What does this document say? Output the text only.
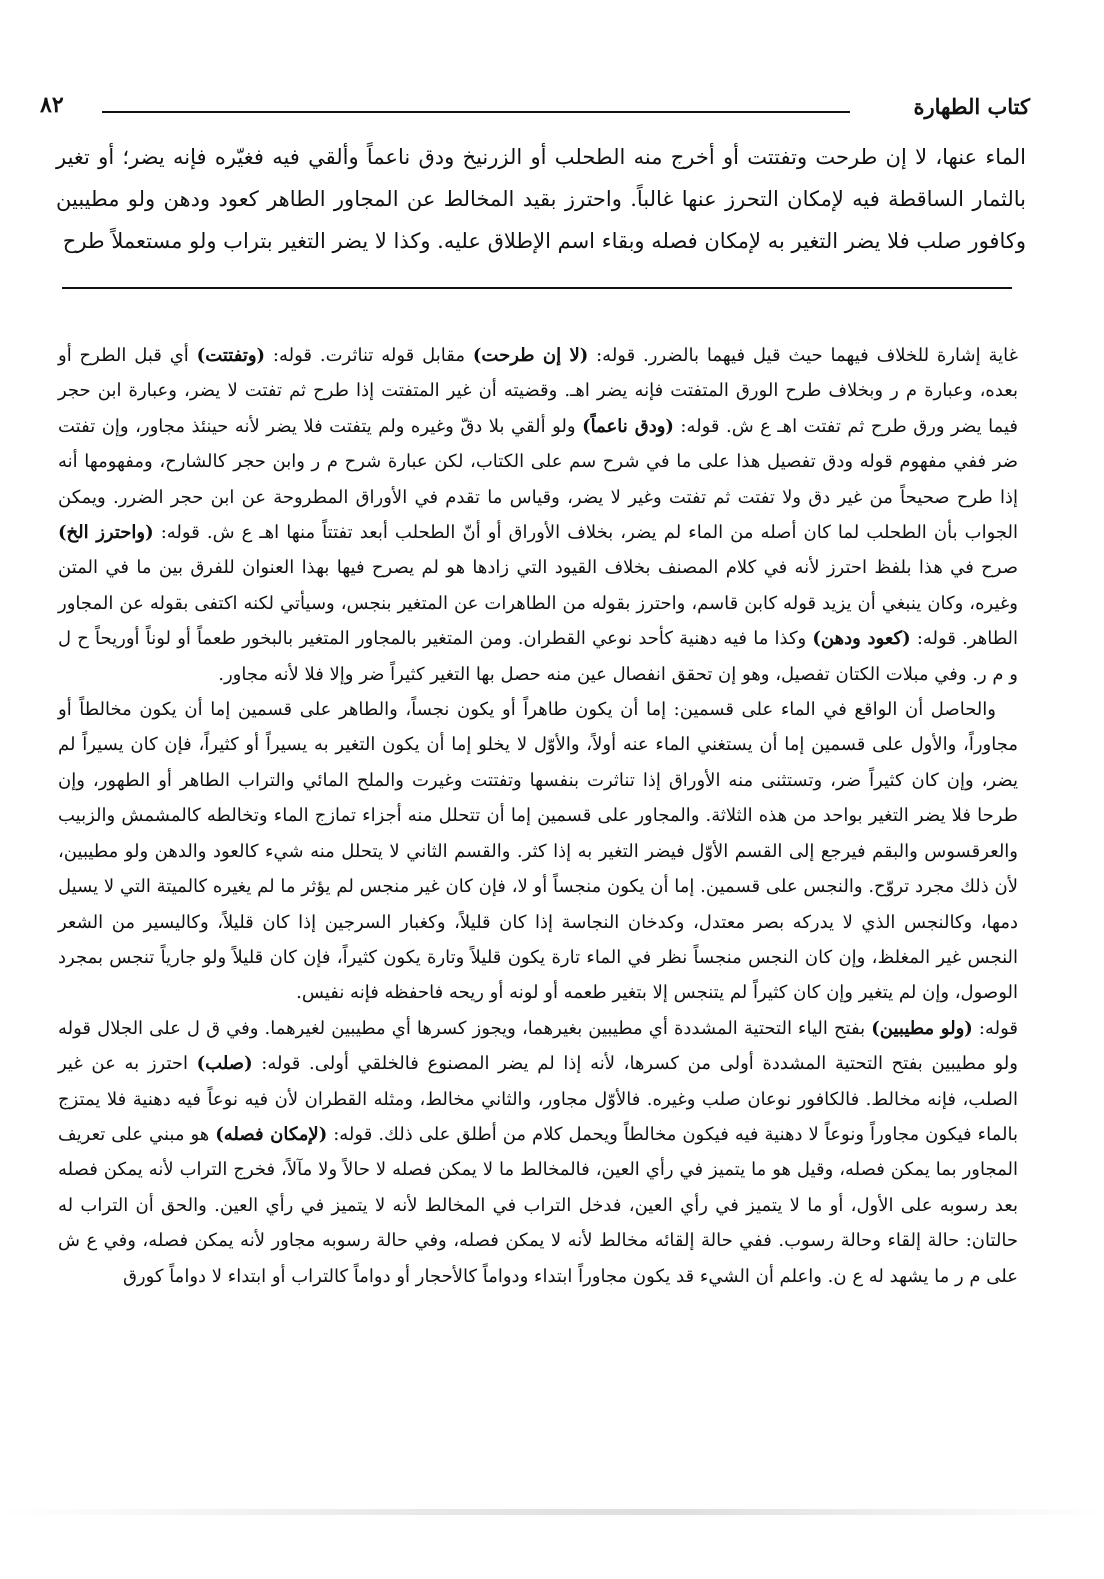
كتاب الطهارة
٨٢
الماء عنها، لا إن طرحت وتفتتت أو أخرج منه الطحلب أو الزرنيخ ودق ناعماً وألقي فيه فغيّره فإنه يضر؛ أو تغير بالثمار الساقطة فيه لإمكان التحرز عنها غالباً. واحترز بقيد المخالط عن المجاور الطاهر كعود ودهن ولو مطيبين وكافور صلب فلا يضر التغير به لإمكان فصله وبقاء اسم الإطلاق عليه. وكذا لا يضر التغير بتراب ولو مستعملاً طرح

غاية إشارة للخلاف فيهما حيث قيل فيهما بالضرر. قوله: (لا إن طرحت) مقابل قوله تناثرت. قوله: (وتفتتت) أي قبل الطرح أو بعده، وعبارة م ر وبخلاف طرح الورق المتفتت فإنه يضر اهـ. وقضيته أن غير المتفتت إذا طرح ثم تفتت لا يضر، وعبارة ابن حجر فيما يضر ورق طرح ثم تفتت اهـ ع ش. قوله: (ودق ناعماً) ولو ألقي بلا دقّ وغيره ولم يتفتت فلا يضر لأنه حينئذ مجاور، وإن تفتت ضر ففي مفهوم قوله ودق تفصيل هذا على ما في شرح سم على الكتاب، لكن عبارة شرح م ر وابن حجر كالشارح، ومفهومها أنه إذا طرح صحيحاً من غير دق ولا تفتت ثم تفتت وغير لا يضر، وقياس ما تقدم في الأوراق المطروحة عن ابن حجر الضرر. ويمكن الجواب بأن الطحلب لما كان أصله من الماء لم يضر، بخلاف الأوراق أو أنّ الطحلب أبعد تفتتاً منها اهـ ع ش. قوله: (واحترز الخ) صرح في هذا بلفظ احترز لأنه في كلام المصنف بخلاف القيود التي زادها هو لم يصرح فيها بهذا العنوان للفرق بين ما في المتن وغيره، وكان ينبغي أن يزيد قوله كابن قاسم، واحترز بقوله من الطاهرات عن المتغير بنجس، وسيأتي لكنه اكتفى بقوله عن المجاور الطاهر. قوله: (كعود ودهن) وكذا ما فيه دهنية كأحد نوعي القطران. ومن المتغير بالمجاور المتغير بالبخور طعماً أو لوناً أوريحاً ح ل و م ر. وفي مبلات الكتان تفصيل، وهو إن تحقق انفصال عين منه حصل بها التغير كثيراً ضر وإلا فلا لأنه مجاور.

والحاصل أن الواقع في الماء على قسمين: إما أن يكون طاهراً أو يكون نجساً، والطاهر على قسمين إما أن يكون مخالطاً أو مجاوراً، والأول على قسمين إما أن يستغني الماء عنه أولاً، والأوّل لا يخلو إما أن يكون التغير به يسيراً أو كثيراً، فإن كان يسيراً لم يضر، وإن كان كثيراً ضر، وتستثنى منه الأوراق إذا تناثرت بنفسها وتفتتت وغيرت والملح المائي والتراب الطاهر أو الطهور، وإن طرحا فلا يضر التغير بواحد من هذه الثلاثة. والمجاور على قسمين إما أن تتحلل منه أجزاء تمازج الماء وتخالطه كالمشمش والزبيب والعرقسوس والبقم فيرجع إلى القسم الأوّل فيضر التغير به إذا كثر. والقسم الثاني لا يتحلل منه شيء كالعود والدهن ولو مطيبين، لأن ذلك مجرد تروّح. والنجس على قسمين. إما أن يكون منجساً أو لا، فإن كان غير منجس لم يؤثر ما لم يغيره كالميتة التي لا يسيل دمها، وكالنجس الذي لا يدركه بصر معتدل، وكدخان النجاسة إذا كان قليلاً، وكغبار السرجين إذا كان قليلاً، وكاليسير من الشعر النجس غير المغلظ، وإن كان النجس منجساً نظر في الماء تارة يكون قليلاً وتارة يكون كثيراً، فإن كان قليلاً ولو جارياً تنجس بمجرد الوصول، وإن لم يتغير وإن كان كثيراً لم يتنجس إلا بتغير طعمه أو لونه أو ريحه فاحفظه فإنه نفيس.

قوله: (ولو مطيبين) بفتح الياء التحتية المشددة أي مطيبين بغيرهما، ويجوز كسرها أي مطيبين لغيرهما. وفي ق ل على الجلال قوله ولو مطيبين بفتح التحتية المشددة أولى من كسرها، لأنه إذا لم يضر المصنوع فالخلقي أولى. قوله: (صلب) احترز به عن غير الصلب، فإنه مخالط. فالكافور نوعان صلب وغيره. فالأوّل مجاور، والثاني مخالط، ومثله القطران لأن فيه نوعاً فيه دهنية فلا يمتزج بالماء فيكون مجاوراً ونوعاً لا دهنية فيه فيكون مخالطاً ويحمل كلام من أطلق على ذلك. قوله: (لإمكان فصله) هو مبني على تعريف المجاور بما يمكن فصله، وقيل هو ما يتميز في رأي العين، فالمخالط ما لا يمكن فصله لا حالاً ولا مآلاً، فخرج التراب لأنه يمكن فصله بعد رسوبه على الأول، أو ما لا يتميز في رأي العين، فدخل التراب في المخالط لأنه لا يتميز في رأي العين. والحق أن التراب له حالتان: حالة إلقاء وحالة رسوب. ففي حالة إلقائه مخالط لأنه لا يمكن فصله، وفي حالة رسوبه مجاور لأنه يمكن فصله، وفي ع ش على م ر ما يشهد له ع ن. واعلم أن الشيء قد يكون مجاوراً ابتداء ودواماً كالأحجار أو دواماً كالتراب أو ابتداء لا دواماً كورق
